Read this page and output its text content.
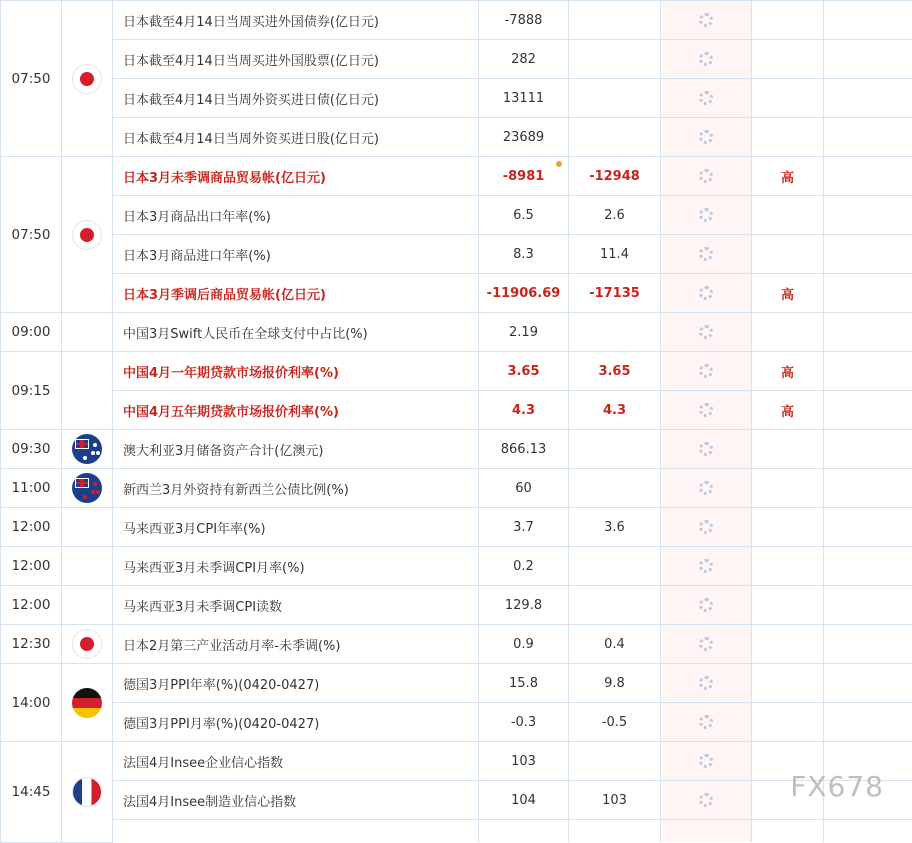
07:50		日本截至4月14日当周买进外国债券(亿日元)	-7888				
		日本截至4月14日当周买进外国股票(亿日元)	282				
		日本截至4月14日当周外资买进日债(亿日元)	13111				
		日本截至4月14日当周外资买进日股(亿日元)	23689				
07:50		日本3月未季调商品贸易帐(亿日元)	-8981	-12948		高	
		日本3月商品出口年率(%)	6.5	2.6			
		日本3月商品进口年率(%)	8.3	11.4			
		日本3月季调后商品贸易帐(亿日元)	-11906.69	-17135		高	
09:00		中国3月Swift人民币在全球支付中占比(%)	2.19				
09:15		中国4月一年期贷款市场报价利率(%)	3.65	3.65		高	
		中国4月五年期贷款市场报价利率(%)	4.3	4.3		高	
09:30		澳大利亚3月储备资产合计(亿澳元)	866.13				
11:00		新西兰3月外资持有新西兰公债比例(%)	60				
12:00		马来西亚3月CPI年率(%)	3.7	3.6			
12:00		马来西亚3月未季调CPI月率(%)	0.2				
12:00		马来西亚3月未季调CPI读数	129.8				
12:30		日本2月第三产业活动月率-未季调(%)	0.9	0.4			
14:00		德国3月PPI年率(%)(0420-0427)	15.8	9.8			
		德国3月PPI月率(%)(0420-0427)	-0.3	-0.5			
14:45		法国4月Insee企业信心指数	103				
		法国4月Insee制造业信心指数	104	103			
						FX678
